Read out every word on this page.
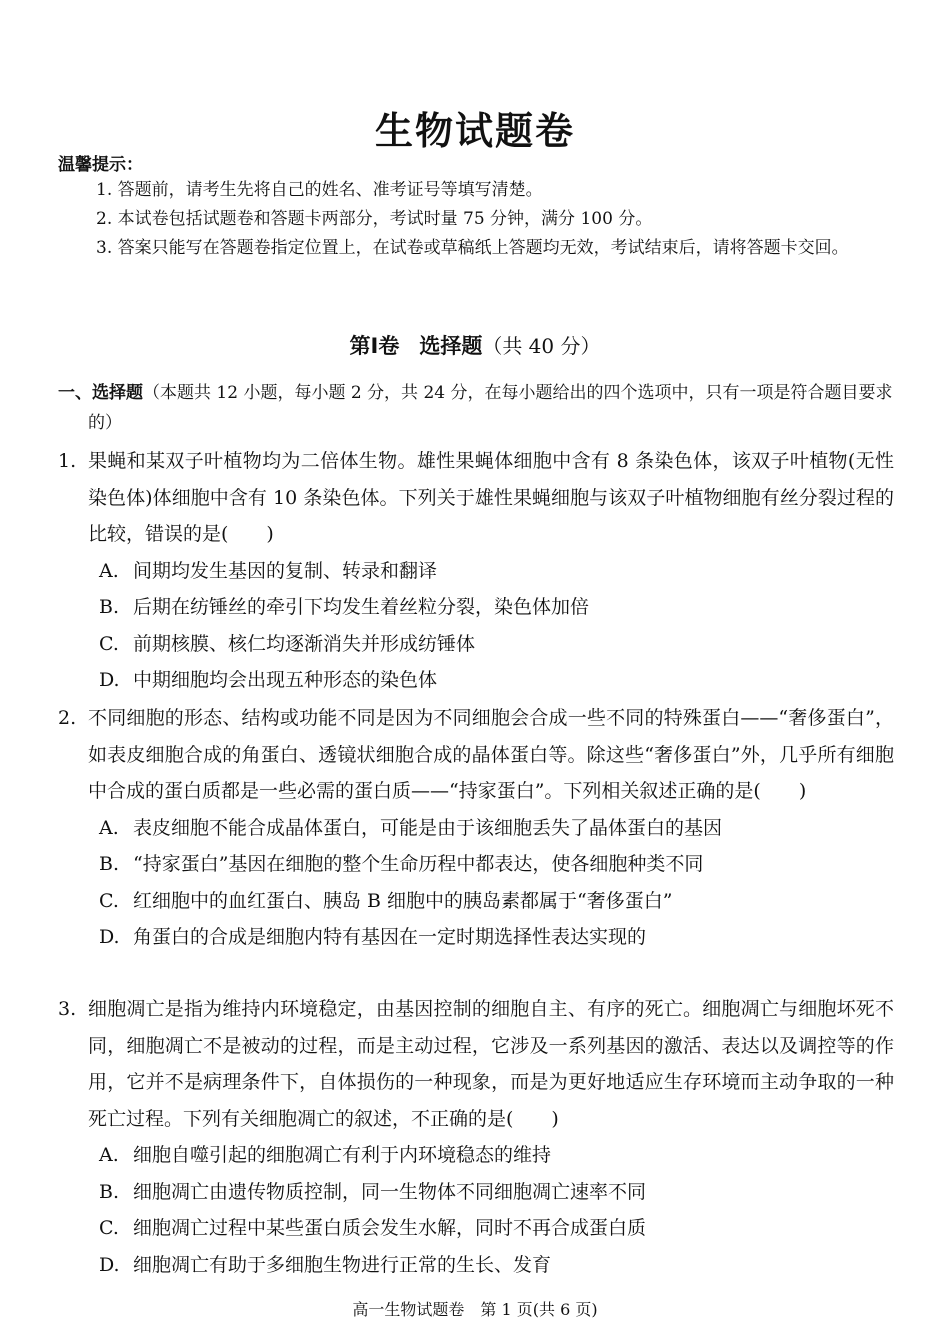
生物试题卷
温馨提示：
1. 答题前，请考生先将自己的姓名、准考证号等填写清楚。
2. 本试卷包括试题卷和答题卡两部分，考试时量 75 分钟，满分 100 分。
3. 答案只能写在答题卷指定位置上，在试卷或草稿纸上答题均无效，考试结束后，请将答题卡交回。
第Ⅰ卷 选择题（共 40 分）
一、选择题（本题共 12 小题，每小题 2 分，共 24 分，在每小题给出的四个选项中，只有一项是符合题目要求的）
1. 果蝇和某双子叶植物均为二倍体生物。雄性果蝇体细胞中含有 8 条染色体，该双子叶植物(无性染色体)体细胞中含有 10 条染色体。下列关于雄性果蝇细胞与该双子叶植物细胞有丝分裂过程的比较，错误的是(　　)
A. 间期均发生基因的复制、转录和翻译
B. 后期在纺锤丝的牵引下均发生着丝粒分裂，染色体加倍
C. 前期核膜、核仁均逐渐消失并形成纺锤体
D. 中期细胞均会出现五种形态的染色体
2. 不同细胞的形态、结构或功能不同是因为不同细胞会合成一些不同的特殊蛋白——“奢侈蛋白”，如表皮细胞合成的角蛋白、透镜状细胞合成的晶体蛋白等。除这些“奢侈蛋白”外，几乎所有细胞中合成的蛋白质都是一些必需的蛋白质——“持家蛋白”。下列相关叙述正确的是(　　)
A. 表皮细胞不能合成晶体蛋白，可能是由于该细胞丢失了晶体蛋白的基因
B. “持家蛋白”基因在细胞的整个生命历程中都表达，使各细胞种类不同
C. 红细胞中的血红蛋白、胰岛 B 细胞中的胰岛素都属于“奢侈蛋白”
D. 角蛋白的合成是细胞内特有基因在一定时期选择性表达实现的
3. 细胞凋亡是指为维持内环境稳定，由基因控制的细胞自主、有序的死亡。细胞凋亡与细胞坏死不同，细胞凋亡不是被动的过程，而是主动过程，它涉及一系列基因的激活、表达以及调控等的作用，它并不是病理条件下，自体损伤的一种现象，而是为更好地适应生存环境而主动争取的一种死亡过程。下列有关细胞凋亡的叙述，不正确的是(　　)
A. 细胞自噬引起的细胞凋亡有利于内环境稳态的维持
B. 细胞凋亡由遗传物质控制，同一生物体不同细胞凋亡速率不同
C. 细胞凋亡过程中某些蛋白质会发生水解，同时不再合成蛋白质
D. 细胞凋亡有助于多细胞生物进行正常的生长、发育
高一生物试题卷　第 1 页(共 6 页)
